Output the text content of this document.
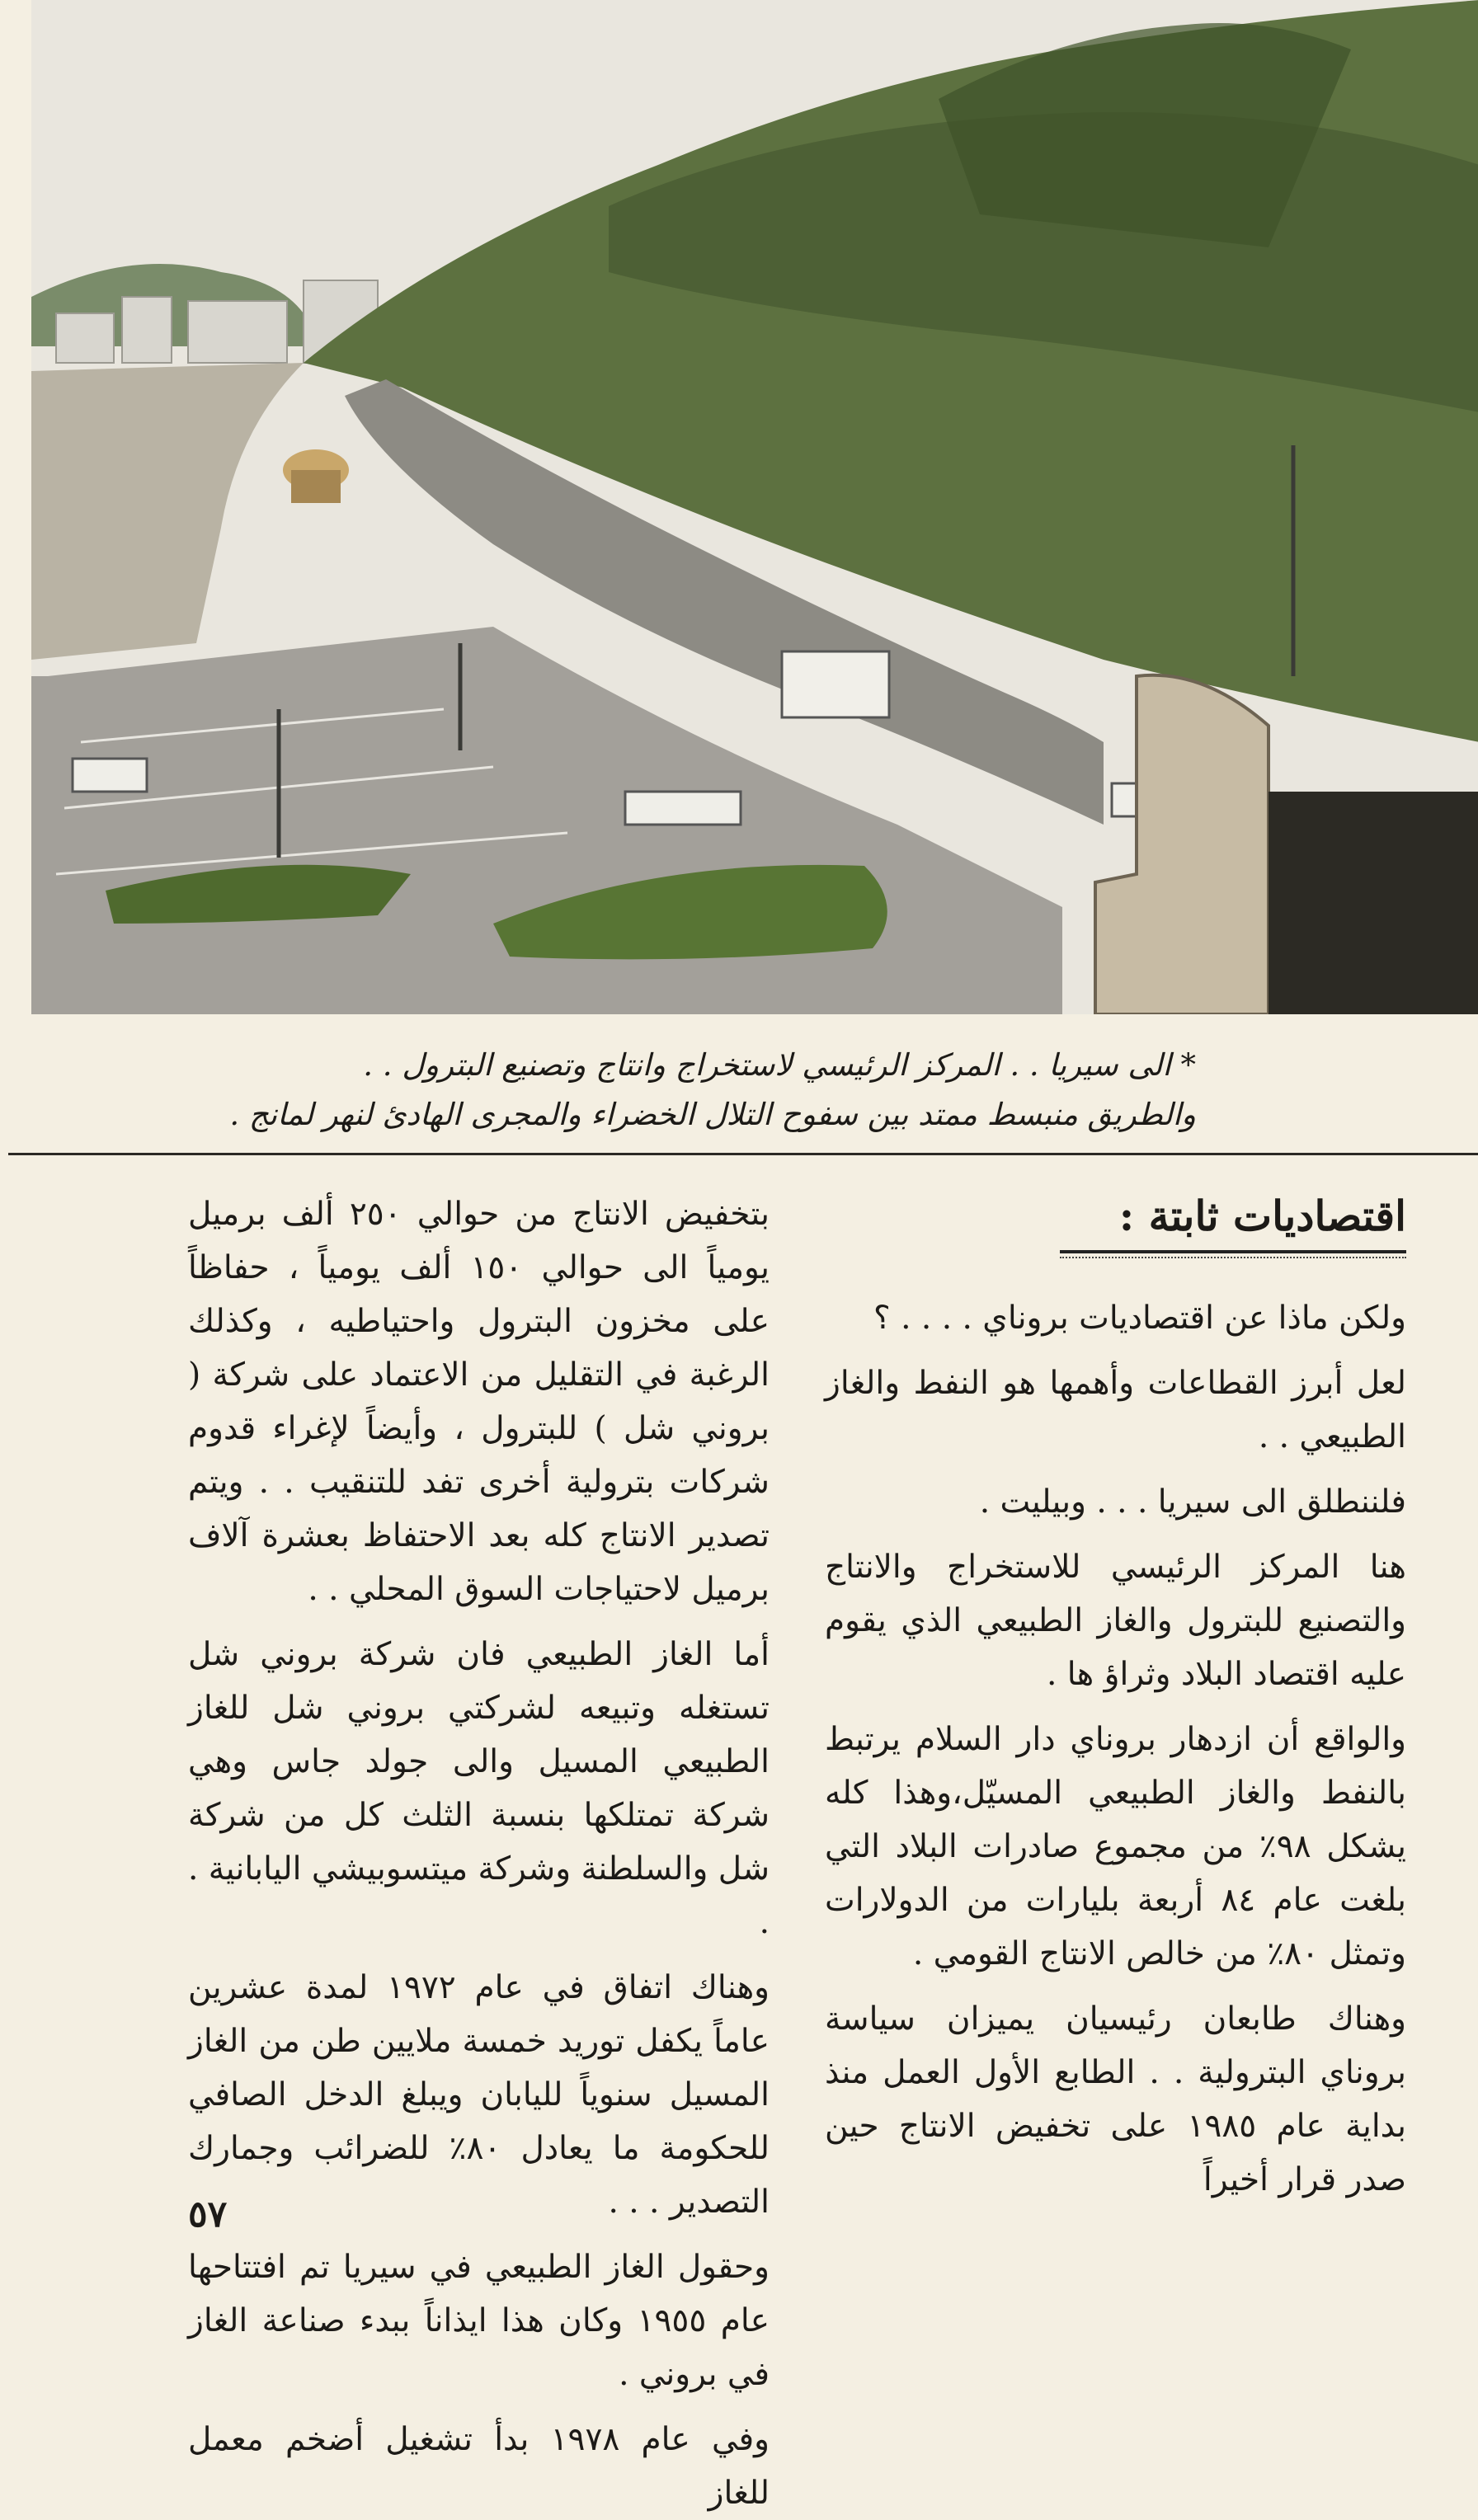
* الى سيريا . . المركز الرئيسي لاستخراج وانتاج وتصنيع البترول . .

والطريق منبسط ممتد بين سفوح التلال الخضراء والمجرى الهادئ لنهر لمانج .

اقتصاديات ثابتة :

ولكن ماذا عن اقتصاديات بروناي . . . . ؟

لعل أبرز القطاعات وأهمها هو النفط والغاز الطبيعي . .

فلننطلق الى سيريا . . . وبيليت .

هنا المركز الرئيسي للاستخراج والانتاج والتصنيع للبترول والغاز الطبيعي الذي يقوم عليه اقتصاد البلاد وثراؤ ها .

والواقع أن ازدهار بروناي دار السلام يرتبط بالنفط والغاز الطبيعي المسيّل،وهذا كله يشكل ٩٨٪ من مجموع صادرات البلاد التي بلغت عام ٨٤ أربعة بليارات من الدولارات وتمثل ٨٠٪ من خالص الانتاج القومي .

وهناك طابعان رئيسيان يميزان سياسة بروناي البترولية . . الطابع الأول العمل منذ بداية عام ١٩٨٥ على تخفيض الانتاج حين صدر قرار أخيراً

بتخفيض الانتاج من حوالي ٢٥٠ ألف برميل يومياً الى حوالي ١٥٠ ألف يومياً ، حفاظاً على مخزون البترول واحتياطيه ، وكذلك الرغبة في التقليل من الاعتماد على شركة ( بروني شل ) للبترول ، وأيضاً لإغراء قدوم شركات بترولية أخرى تفد للتنقيب . . ويتم تصدير الانتاج كله بعد الاحتفاظ بعشرة آلاف برميل لاحتياجات السوق المحلي . .

أما الغاز الطبيعي فان شركة بروني شل تستغله وتبيعه لشركتي بروني شل للغاز الطبيعي المسيل والى جولد جاس وهي شركة تمتلكها بنسبة الثلث كل من شركة شل والسلطنة وشركة ميتسوبيشي اليابانية . .

وهناك اتفاق في عام ١٩٧٢ لمدة عشرين عاماً يكفل توريد خمسة ملايين طن من الغاز المسيل سنوياً لليابان ويبلغ الدخل الصافي للحكومة ما يعادل ٨٠٪ للضرائب وجمارك التصدير . . .

وحقول الغاز الطبيعي في سيريا تم افتتاحها عام ١٩٥٥ وكان هذا ايذاناً ببدء صناعة الغاز في بروني .

وفي عام ١٩٧٨ بدأ تشغيل أضخم معمل للغاز

٥٧
